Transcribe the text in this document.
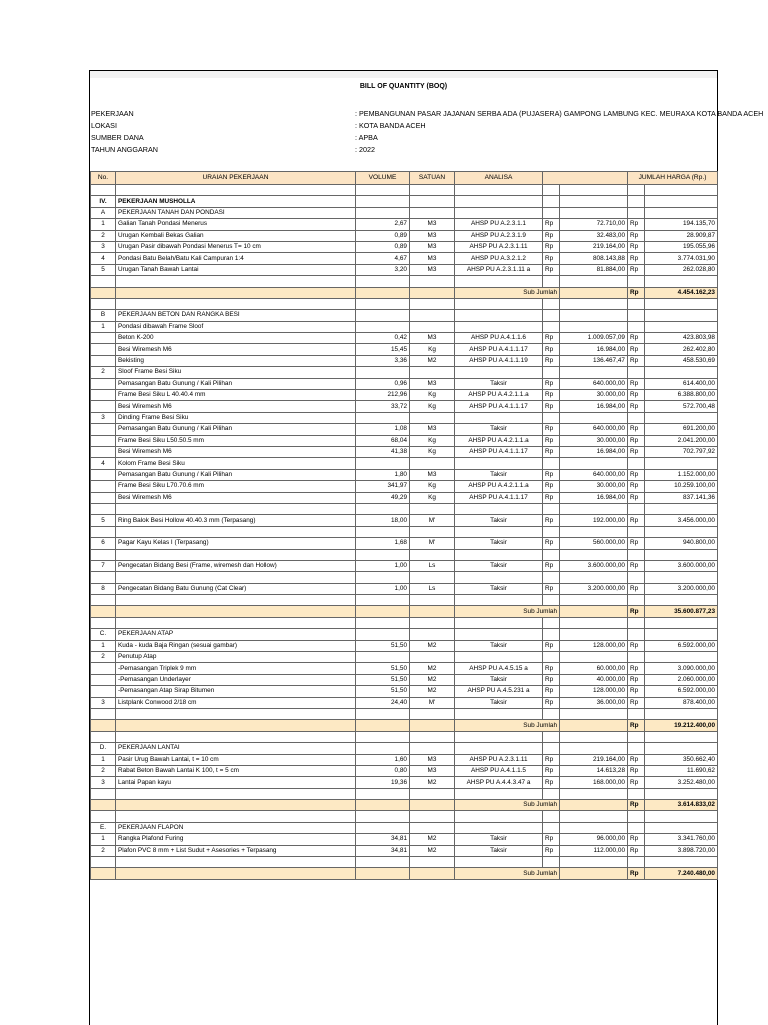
BILL OF QUANTITY (BOQ)
PEKERJAAN	: PEMBANGUNAN PASAR JAJANAN SERBA ADA (PUJASERA) GAMPONG LAMBUNG KEC. MEURAXA KOTA BANDA ACEH
LOKASI	: KOTA BANDA ACEH
SUMBER DANA	: APBA
TAHUN ANGGARAN	: 2022
No.	URAIAN PEKERJAAN	VOLUME	SATUAN	ANALISA			JUMLAH HARGA (Rp.)	

IV.	PEKERJAAN MUSHOLLA							
A	PEKERJAAN TANAH DAN PONDASI							
1	Galian Tanah Pondasi Menerus	2,67	M3	AHSP PU A.2.3.1.1	Rp	72.710,00	Rp	194.135,70
2	Urugan Kembali Bekas Galian	0,89	M3	AHSP PU A.2.3.1.9	Rp	32.483,00	Rp	28.909,87
3	Urugan Pasir dibawah Pondasi Menerus T= 10 cm	0,89	M3	AHSP PU A.2.3.1.11	Rp	219.164,00	Rp	195.055,96
4	Pondasi Batu Belah/Batu Kali Campuran 1:4	4,67	M3	AHSP PU A.3.2.1.2	Rp	808.143,88	Rp	3.774.031,90
5	Urugan Tanah Bawah Lantai	3,20	M3	AHSP PU A.2.3.1.11 a	Rp	81.884,00	Rp	262.028,80

				Sub Jumlah			Rp	4.454.162,23

B	PEKERJAAN BETON DAN RANGKA BESI							
1	Pondasi dibawah Frame Sloof							
	Beton K-200	0,42	M3	AHSP PU A.4.1.1.6	Rp	1.009.057,09	Rp	423.803,98
	Besi Wiremesh M6	15,45	Kg	AHSP PU A.4.1.1.17	Rp	16.984,00	Rp	262.402,80
	Bekisting	3,36	M2	AHSP PU A.4.1.1.19	Rp	136.467,47	Rp	458.530,69
2	Sloof Frame Besi Siku							
	Pemasangan Batu Gunung / Kali Pilihan	0,96	M3	Taksir	Rp	640.000,00	Rp	614.400,00
	Frame Besi Siku L 40.40.4 mm	212,96	Kg	AHSP PU A.4.2.1.1.a	Rp	30.000,00	Rp	6.388.800,00
	Besi Wiremesh M6	33,72	Kg	AHSP PU A.4.1.1.17	Rp	16.984,00	Rp	572.700,48
3	Dinding Frame Besi Siku							
	Pemasangan Batu Gunung / Kali Pilihan	1,08	M3	Taksir	Rp	640.000,00	Rp	691.200,00
	Frame Besi Siku L50.50.5 mm	68,04	Kg	AHSP PU A.4.2.1.1.a	Rp	30.000,00	Rp	2.041.200,00
	Besi Wiremesh M6	41,38	Kg	AHSP PU A.4.1.1.17	Rp	16.984,00	Rp	702.797,92
4	Kolom Frame Besi Siku							
	Pemasangan Batu Gunung / Kali Pilihan	1,80	M3	Taksir	Rp	640.000,00	Rp	1.152.000,00
	Frame Besi Siku L70.70.6 mm	341,97	Kg	AHSP PU A.4.2.1.1.a	Rp	30.000,00	Rp	10.259.100,00
	Besi Wiremesh M6	49,29	Kg	AHSP PU A.4.1.1.17	Rp	16.984,00	Rp	837.141,36

5	Ring Balok Besi Hollow 40.40.3 mm (Terpasang)	18,00	M'	Taksir	Rp	192.000,00	Rp	3.456.000,00

6	Pagar Kayu Kelas I (Terpasang)	1,68	M'	Taksir	Rp	560.000,00	Rp	940.800,00

7	Pengecatan Bidang Besi (Frame, wiremesh dan Hollow)	1,00	Ls	Taksir	Rp	3.600.000,00	Rp	3.600.000,00

8	Pengecatan Bidang Batu Gunung (Cat Clear)	1,00	Ls	Taksir	Rp	3.200.000,00	Rp	3.200.000,00

				Sub Jumlah			Rp	35.600.877,23

C.	PEKERJAAN ATAP							
1	Kuda - kuda Baja Ringan (sesuai gambar)	51,50	M2	Taksir	Rp	128.000,00	Rp	6.592.000,00
2	Penutup Atap							
	-Pemasangan Triplek 9 mm	51,50	M2	AHSP PU A.4.5.15 a	Rp	60.000,00	Rp	3.090.000,00
	-Pemasangan Underlayer	51,50	M2	Taksir	Rp	40.000,00	Rp	2.060.000,00
	-Pemasangan Atap Sirap Bitumen	51,50	M2	AHSP PU A.4.5.231 a	Rp	128.000,00	Rp	6.592.000,00
3	Listplank Conwood 2/18 cm	24,40	M'	Taksir	Rp	36.000,00	Rp	878.400,00

				Sub Jumlah			Rp	19.212.400,00

D.	PEKERJAAN LANTAI							
1	Pasir Urug Bawah Lantai, t = 10 cm	1,60	M3	AHSP PU A.2.3.1.11	Rp	219.164,00	Rp	350.662,40
2	Rabat Beton Bawah Lantai K 100, t = 5 cm	0,80	M3	AHSP PU A.4.1.1.5	Rp	14.613,28	Rp	11.690,62
3	Lantai Papan kayu	19,36	M2	AHSP PU A.4.4.3.47 a	Rp	168.000,00	Rp	3.252.480,00

				Sub Jumlah			Rp	3.614.833,02

E.	PEKERJAAN FLAPON							
1	Rangka Plafond Furing	34,81	M2	Taksir	Rp	96.000,00	Rp	3.341.760,00
2	Plafon PVC 8 mm + List Sudut + Asesories + Terpasang	34,81	M2	Taksir	Rp	112.000,00	Rp	3.898.720,00

				Sub Jumlah			Rp	7.240.480,00
